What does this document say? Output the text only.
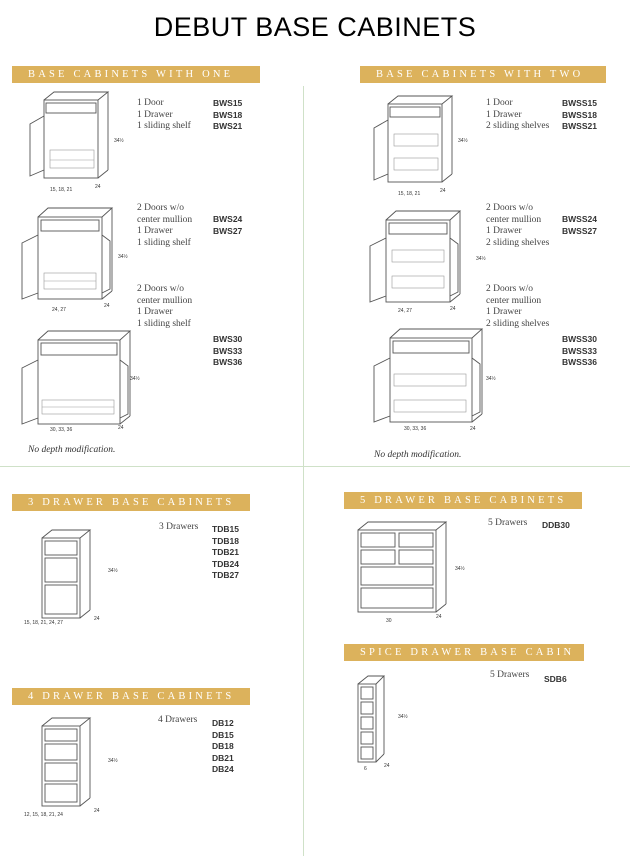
DEBUT BASE CABINETS
BASE CABINETS WITH ONE
15, 18, 21	24
34½
1 Door
1 Drawer
1 sliding shelf
BWS15
BWS18
BWS21
24, 27
24
34½
2 Doors w/o
center mullion
1 Drawer
1 sliding shelf
BWS24
BWS27
2 Doors w/o
center mullion
1 Drawer
1 sliding shelf
30, 33, 36	24
34½
BWS30
BWS33
BWS36
No depth modification.
BASE CABINETS WITH TWO
15, 18, 21	24
34½
1 Door
1 Drawer
2 sliding shelves
BWSS15
BWSS18
BWSS21
24, 27	24
34½
2 Doors w/o
center mullion
1 Drawer
2 sliding shelves
BWSS24
BWSS27
2 Doors w/o
center mullion
1 Drawer
2 sliding shelves
30, 33, 36	24
34½
BWSS30
BWSS33
BWSS36
No depth modification.
3 DRAWER BASE CABINETS
15, 18, 21, 24, 27
24
34½
3 Drawers TDB15
TDB18
TDB21
TDB24
TDB27
4 DRAWER BASE CABINETS
12, 15, 18, 21, 24
24
34½
4 Drawers DB12
DB15
DB18
DB21
DB24
5 DRAWER BASE CABINETS
30
24
34½
5 Drawers DDB30
SPICE DRAWER BASE CABIN
6	24
34½
5 Drawers SDB6
